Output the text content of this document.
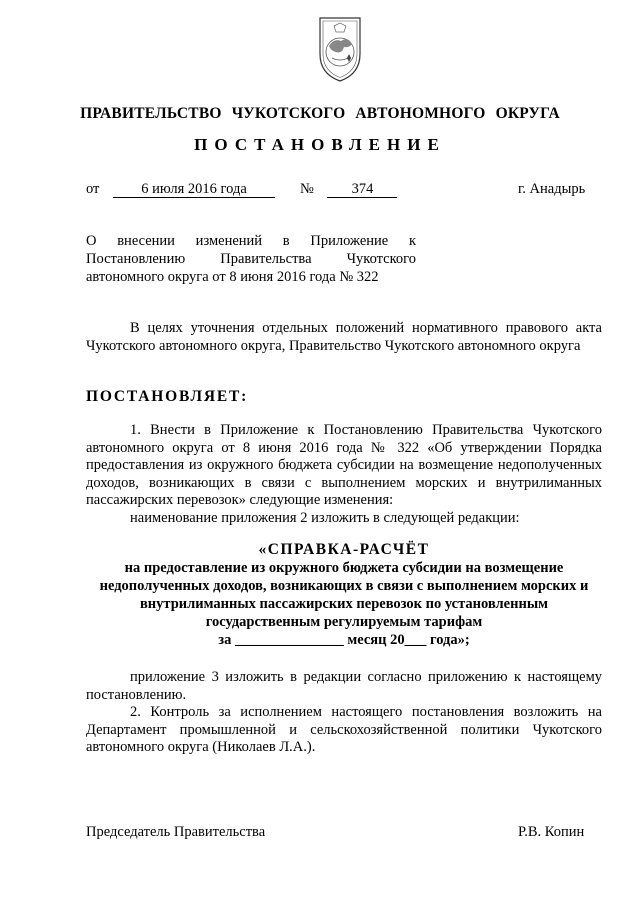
ПРАВИТЕЛЬСТВО ЧУКОТСКОГО АВТОНОМНОГО ОКРУГА
ПОСТАНОВЛЕНИЕ
от	6 июля 2016 года	№	374	г. Анадырь

О внесении изменений в Приложение к

Постановлению Правительства Чукотского

автономного округа от 8 июня 2016 года № 322

В целях уточнения отдельных положений нормативного правового акта Чукотского автономного округа, Правительство Чукотского автономного округа

ПОСТАНОВЛЯЕТ:

1. Внести в Приложение к Постановлению Правительства Чукотского автономного округа от 8 июня 2016 года № 322 «Об утверждении Порядка предоставления из окружного бюджета субсидии на возмещение недополученных доходов, возникающих в связи с выполнением морских и внутрилиманных пассажирских перевозок» следующие изменения:

наименование приложения 2 изложить в следующей редакции:

«СПРАВКА-РАСЧЁТ
на предоставление из окружного бюджета субсидии на возмещение
недополученных доходов, возникающих в связи с выполнением морских и
внутрилиманных пассажирских перевозок по установленным
государственным регулируемым тарифам
за _______________ месяц 20___ года»;

приложение 3 изложить в редакции согласно приложению к настоящему постановлению.

2. Контроль за исполнением настоящего постановления возложить на Департамент промышленной и сельскохозяйственной политики Чукотского автономного округа (Николаев Л.А.).

Председатель Правительства	Р.В. Копин
